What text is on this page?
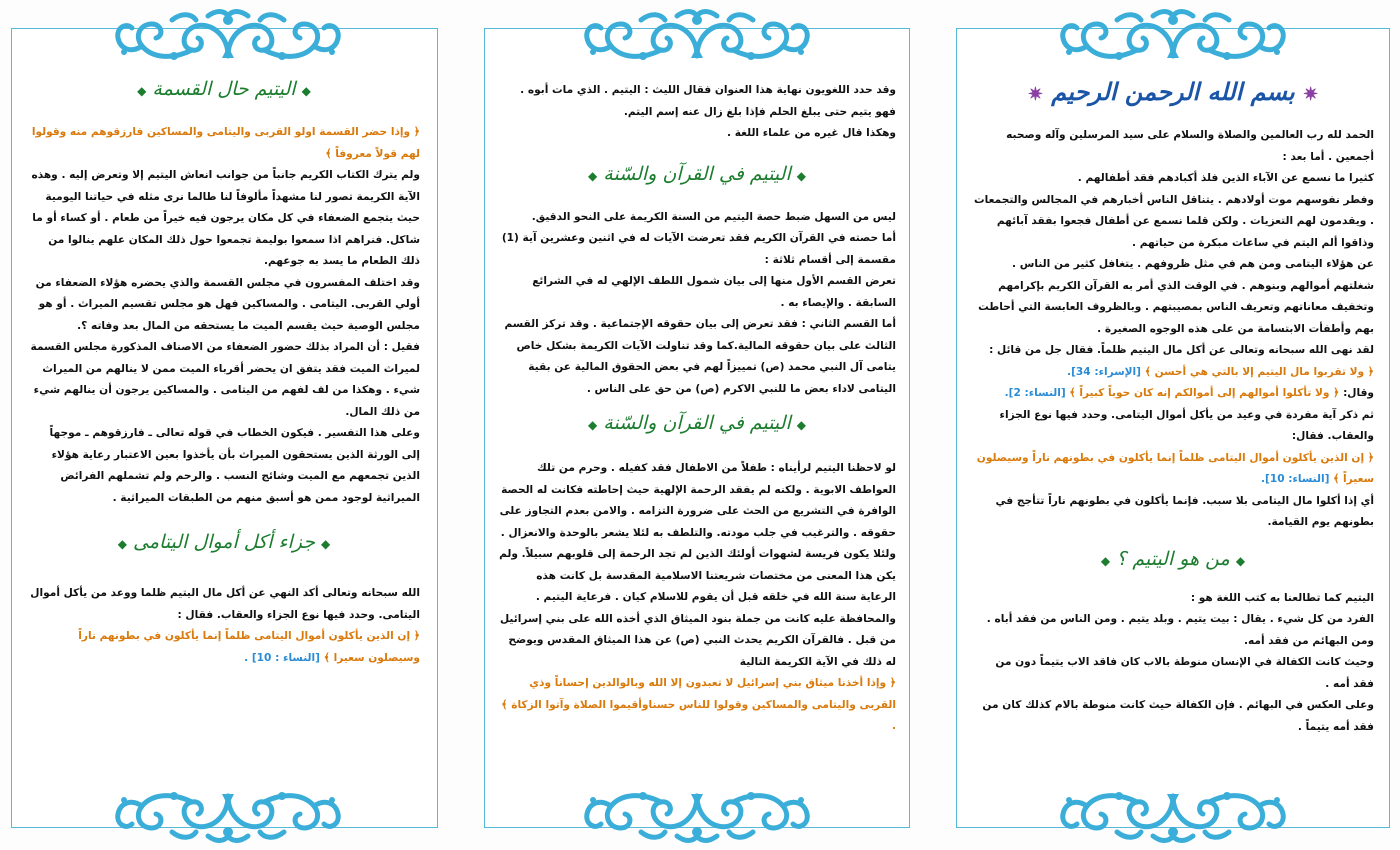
✷ بسم الله الرحمن الرحيم ✷

الحمد لله رب العالمين والصلاة والسلام على سيد المرسلين وآله وصحبه أجمعين . أما بعد :

كثيرا ما نسمع عن الآباء الذين فلذ أكبادهم فقد أطفالهم .

وفطر نفوسهم موت أولادهم . يتناقل الناس أخبارهم في المجالس والتجمعات . ويقدمون لهم التعزيات . ولكن قلما نسمع عن أطفال فجعوا بفقد آبائهم وذاقوا ألم اليتم في ساعات مبكرة من حياتهم .

عن هؤلاء اليتامى ومن هم في مثل ظروفهم . يتغافل كثير من الناس . شغلتهم أموالهم وبنوهم . في الوقت الذي أمر به القرآن الكريم بإكرامهم وتخفيف معاناتهم وتعريف الناس بمصيبتهم . وبالظروف العابسة التي أحاطت بهم وأطفأت الابتسامة من على هذه الوجوه الصغيرة .

لقد نهى الله سبحانه وتعالى عن أكل مال اليتيم ظلماً. فقال جل من قائل :

﴿ ولا تقربوا مال اليتيم إلا بالتي هي أحسن ﴾ [الإسراء: 34].

وقال: ﴿ ولا تأكلوا أموالهم إلى أموالكم إنه كان حوباً كبيراً ﴾ [النساء: 2].

ثم ذكر آية مفردة في وعيد من يأكل أموال اليتامى. وحدد فيها نوع الجزاء والعقاب. فقال:

﴿ إن الذين يأكلون أموال اليتامى ظلماً إنما يأكلون في بطونهم ناراً وسيصلون سعيراً ﴾ [النساء: 10].

أي إذا أكلوا مال اليتامى بلا سبب. فإنما يأكلون في بطونهم ناراً تتأجج في بطونهم يوم القيامة.

◆ من هو اليتيم ؟ ◆

اليتيم كما تطالعنا به كتب اللغة هو :

الفرد من كل شيء . يقال : بيت يتيم . وبلد يتيم . ومن الناس من فقد أباه . ومن البهائم من فقد أمه.

وحيث كانت الكفالة في الإنسان منوطة بالاب كان فاقد الاب يتيماً دون من فقد أمه .

وعلى العكس في البهائم . فإن الكفالة حيث كانت منوطة بالام كذلك كان من فقد أمه يتيماً .

وقد حدد اللغويون نهاية هذا العنوان فقال الليث : اليتيم . الذي مات أبوه . فهو يتيم حتى يبلغ الحلم فإذا بلغ زال عنه إسم اليتم.

وهكذا قال غيره من علماء اللغة .

◆ اليتيم في القرآن والسّنة ◆

ليس من السهل ضبط حصة اليتيم من السنة الكريمة على النحو الدقيق.

أما حصته في القرآن الكريم فقد تعرضت الآيات له في اثنين وعشرين آية (1) مقسمة إلى أقسام ثلاثة :

تعرض القسم الأول منها إلى بيان شمول اللطف الإلهي له في الشرائع السابقة . والإيصاء به .

أما القسم الثاني : فقد تعرض إلى بيان حقوقه الإجتماعية . وقد تركز القسم الثالث على بيان حقوقه المالية.كما وقد تناولت الآيات الكريمة بشكل خاص يتامى آل النبي محمد (ص) تمييزاً لهم في بعض الحقوق المالية عن بقية اليتامى لاداء بعض ما للنبي الاكرم (ص) من حق على الناس .

◆ اليتيم في القرآن والسّنة ◆

لو لاحظنا اليتيم لرأيناه : طفلاً من الاطفال فقد كفيله . وحرم من تلك العواطف الابوية . ولكنه لم يفقد الرحمة الإلهية حيث إحاطته فكانت له الحصة الوافرة في التشريع من الحث على ضرورة التزامه . والامن بعدم التجاوز على حقوقه . والترغيب في جلب مودته. والتلطف به لئلا يشعر بالوحدة والانعزال . ولئلا يكون فريسة لشهوات أولئك الذين لم تجد الرحمة إلى قلوبهم سبيلاً. ولم يكن هذا المعنى من مختصات شريعتنا الاسلامية المقدسة بل كانت هذه الرعاية سنة الله في خلقه قبل أن يقوم للاسلام كيان . فرعاية اليتيم . والمحافظة عليه كانت من جملة بنود الميثاق الذي أخذه الله على بني إسرائيل من قبل . فالقرآن الكريم يحدث النبي (ص) عن هذا الميثاق المقدس ويوضح له ذلك في الآية الكريمة التالية

﴿ وإذا أخذنا ميثاق بني إسرائيل لا تعبدون إلا الله وبالوالدين إحساناً وذي القربى واليتامى والمساكين وقولوا للناس حسناوأقيموا الصلاة وآتوا الزكاة ﴾ .

◆ اليتيم حال القسمة ◆

﴿ وإذا حضر القسمة اولو القربى واليتامى والمساكين فارزقوهم منه وقولوا لهم قولاً معروفاً ﴾

ولم يترك الكتاب الكريم جانباً من جوانب انعاش اليتيم إلا وتعرض إليه . وهذه الآية الكريمة تصور لنا مشهداً مألوفاً لنا طالما نرى مثله في حياتنا اليومية حيث يتجمع الضعفاء في كل مكان يرجون فيه خيراً من طعام . أو كساء أو ما شاكل. فنراهم اذا سمعوا بوليمة تجمعوا حول ذلك المكان علهم ينالوا من ذلك الطعام ما يسد به جوعهم.

وقد اختلف المفسرون في مجلس القسمة والذي يحضره هؤلاء الضعفاء من أولي القربى. اليتامى . والمساكين فهل هو مجلس تقسيم الميراث . أو هو مجلس الوصية حيث يقسم الميت ما يستحقه من المال بعد وفاته ؟.

فقيل : أن المراد بذلك حضور الضعفاء من الاصناف المذكورة مجلس القسمة لميراث الميت فقد يتفق ان يحضر أقرباء الميت ممن لا ينالهم من الميراث شيء . وهكذا من لف لفهم من اليتامى . والمساكين يرجون أن ينالهم شيء من ذلك المال.

وعلى هذا التفسير . فيكون الخطاب في قوله تعالى ـ فارزقوهم ـ موجهاً إلى الورثة الذين يستحقون الميراث بأن يأخذوا بعين الاعتبار رعاية هؤلاء الذين تجمعهم مع الميت وشائج النسب . والرحم ولم تشملهم الفرائض الميراثية لوجود ممن هو أسبق منهم من الطبقات الميراثية .

◆ جزاء أكل أموال اليتامى ◆

الله سبحانه وتعالى أكد النهي عن أكل مال اليتيم ظلما ووعد من يأكل أموال اليتامى. وحدد فيها نوع الجزاء والعقاب. فقال :

﴿ إن الذين يأكلون أموال اليتامى ظلماً إنما يأكلون في بطونهم ناراً وسيصلون سعيرا ﴾ [النساء : 10] .
